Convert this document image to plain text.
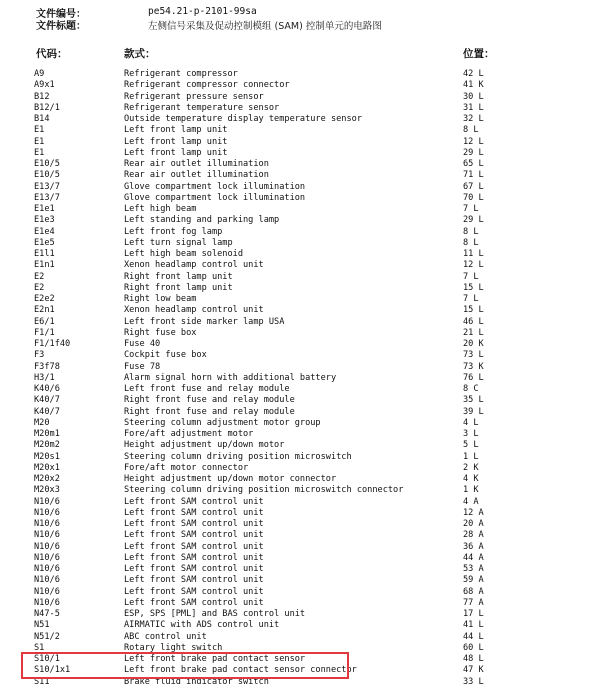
文件编号：	pe54.21-p-2101-99sa
文件标题：	左侧信号采集及促动控制模组 (SAM) 控制单元的电路图
代码：	款式：	位置：
A9	Refrigerant compressor	42 L
A9x1	Refrigerant compressor connector	41 K
B12	Refrigerant pressure sensor	30 L
B12/1	Refrigerant temperature sensor	31 L
B14	Outside temperature display temperature sensor	32 L
E1	Left front lamp unit	8 L
E1	Left front lamp unit	12 L
E1	Left front lamp unit	29 L
E10/5	Rear air outlet illumination	65 L
E10/5	Rear air outlet illumination	71 L
E13/7	Glove compartment lock illumination	67 L
E13/7	Glove compartment lock illumination	70 L
E1e1	Left high beam	7 L
E1e3	Left standing and parking lamp	29 L
E1e4	Left front fog lamp	8 L
E1e5	Left turn signal lamp	8 L
E1l1	Left high beam solenoid	11 L
E1n1	Xenon headlamp control unit	12 L
E2	Right front lamp unit	7 L
E2	Right front lamp unit	15 L
E2e2	Right low beam	7 L
E2n1	Xenon headlamp control unit	15 L
E6/1	Left front side marker lamp USA	46 L
F1/1	Right fuse box	21 L
F1/1f40	Fuse 40	20 K
F3	Cockpit fuse box	73 L
F3f78	Fuse 78	73 K
H3/1	Alarm signal horn with additional battery	76 L
K40/6	Left front fuse and relay module	8 C
K40/7	Right front fuse and relay module	35 L
K40/7	Right front fuse and relay module	39 L
M20	Steering column adjustment motor group	4 L
M20m1	Fore/aft adjustment motor	3 L
M20m2	Height adjustment up/down motor	5 L
M20s1	Steering column driving position microswitch	1 L
M20x1	Fore/aft motor connector	2 K
M20x2	Height adjustment up/down motor connector	4 K
M20x3	Steering column driving position microswitch connector	1 K
N10/6	Left front SAM control unit	4 A
N10/6	Left front SAM control unit	12 A
N10/6	Left front SAM control unit	20 A
N10/6	Left front SAM control unit	28 A
N10/6	Left front SAM control unit	36 A
N10/6	Left front SAM control unit	44 A
N10/6	Left front SAM control unit	53 A
N10/6	Left front SAM control unit	59 A
N10/6	Left front SAM control unit	68 A
N10/6	Left front SAM control unit	77 A
N47-5	ESP, SPS [PML] and BAS control unit	17 L
N51	AIRMATIC with ADS control unit	41 L
N51/2	ABC control unit	44 L
S1	Rotary light switch	60 L
S10/1	Left front brake pad contact sensor	48 L
S10/1x1	Left front brake pad contact sensor connector	47 K
S11	Brake fluid indicator switch	33 L
